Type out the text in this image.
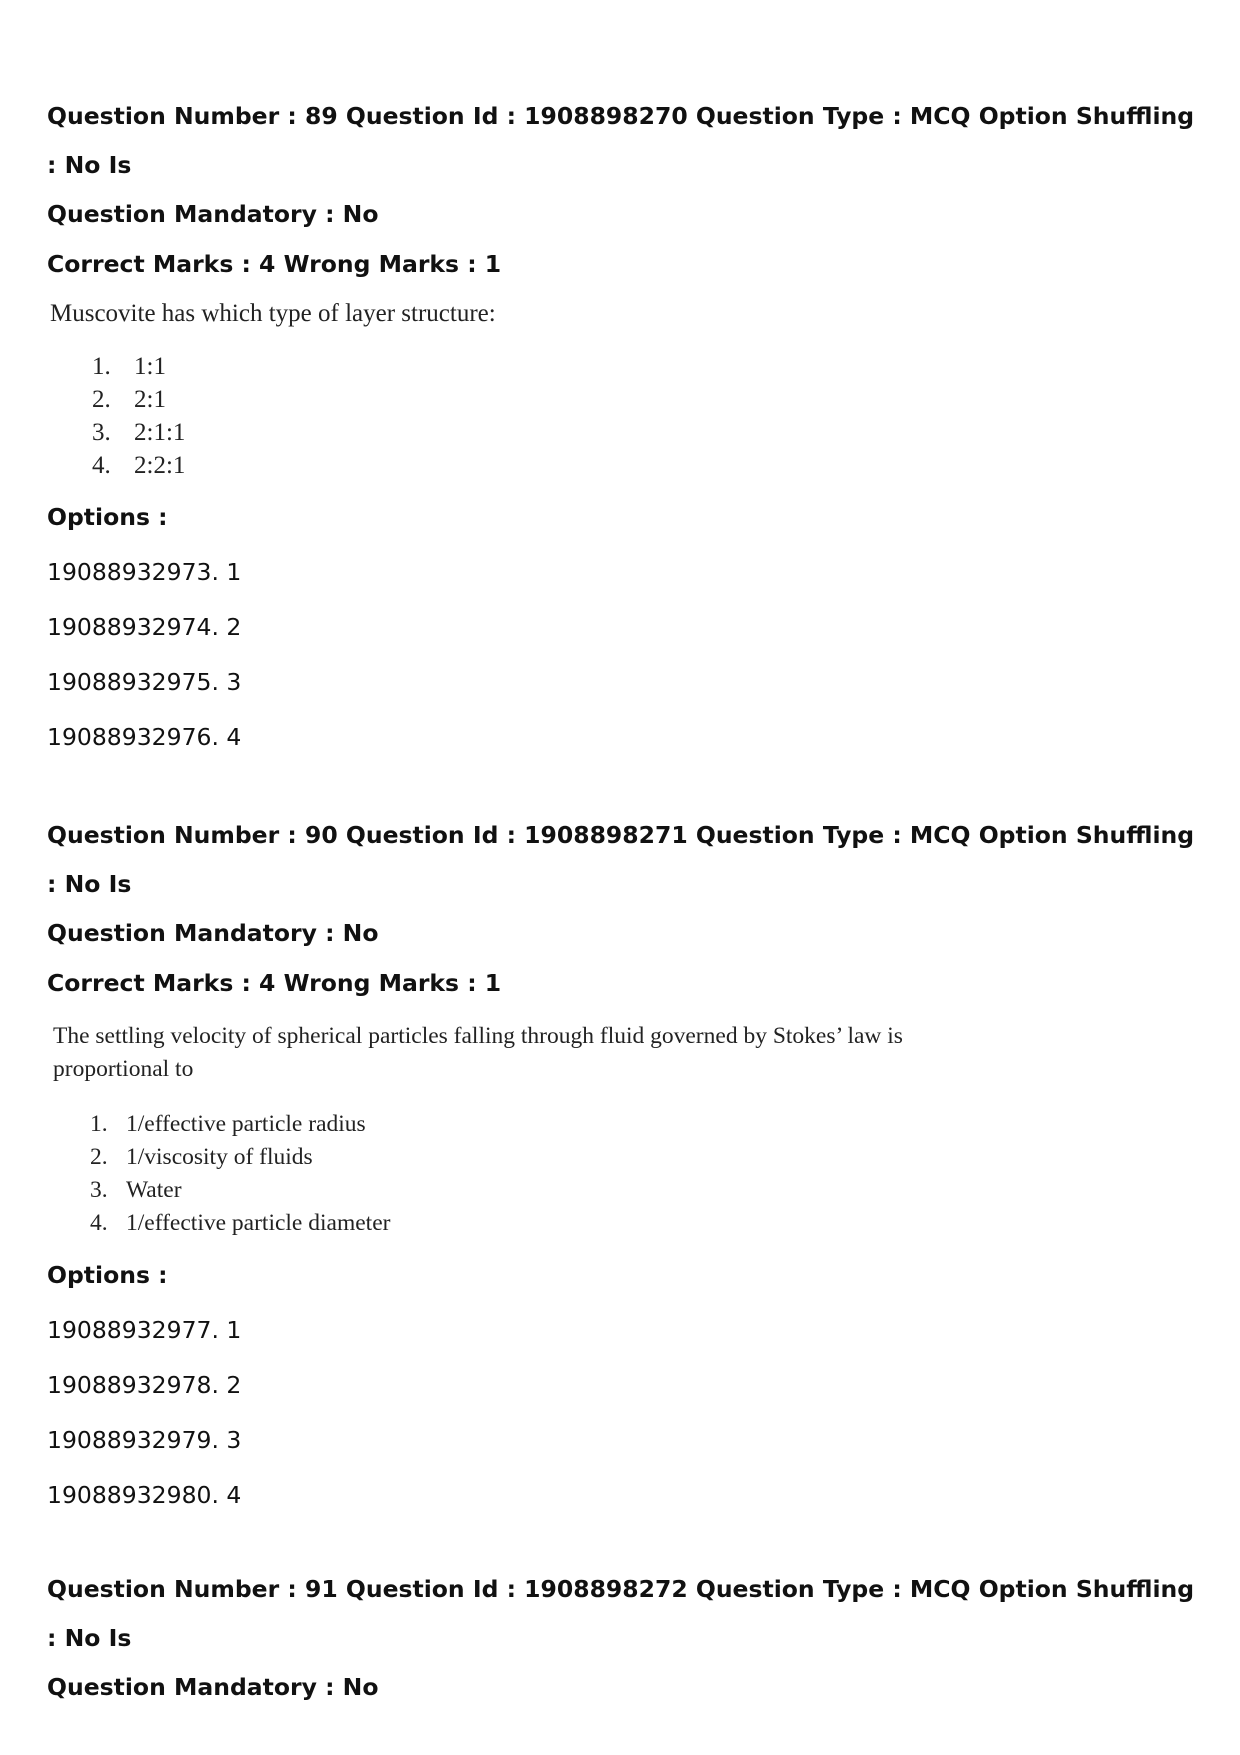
Question Number : 89 Question Id : 1908898270 Question Type : MCQ Option Shuffling : No Is
Question Mandatory : No
Correct Marks : 4 Wrong Marks : 1
Muscovite has which type of layer structure:
1. 1:1
2. 2:1
3. 2:1:1
4. 2:2:1
Options :
19088932973. 1
19088932974. 2
19088932975. 3
19088932976. 4
Question Number : 90 Question Id : 1908898271 Question Type : MCQ Option Shuffling : No Is
Question Mandatory : No
Correct Marks : 4 Wrong Marks : 1
The settling velocity of spherical particles falling through fluid governed by Stokes’ law is proportional to
1. 1/effective particle radius
2. 1/viscosity of fluids
3. Water
4. 1/effective particle diameter
Options :
19088932977. 1
19088932978. 2
19088932979. 3
19088932980. 4
Question Number : 91 Question Id : 1908898272 Question Type : MCQ Option Shuffling : No Is
Question Mandatory : No
